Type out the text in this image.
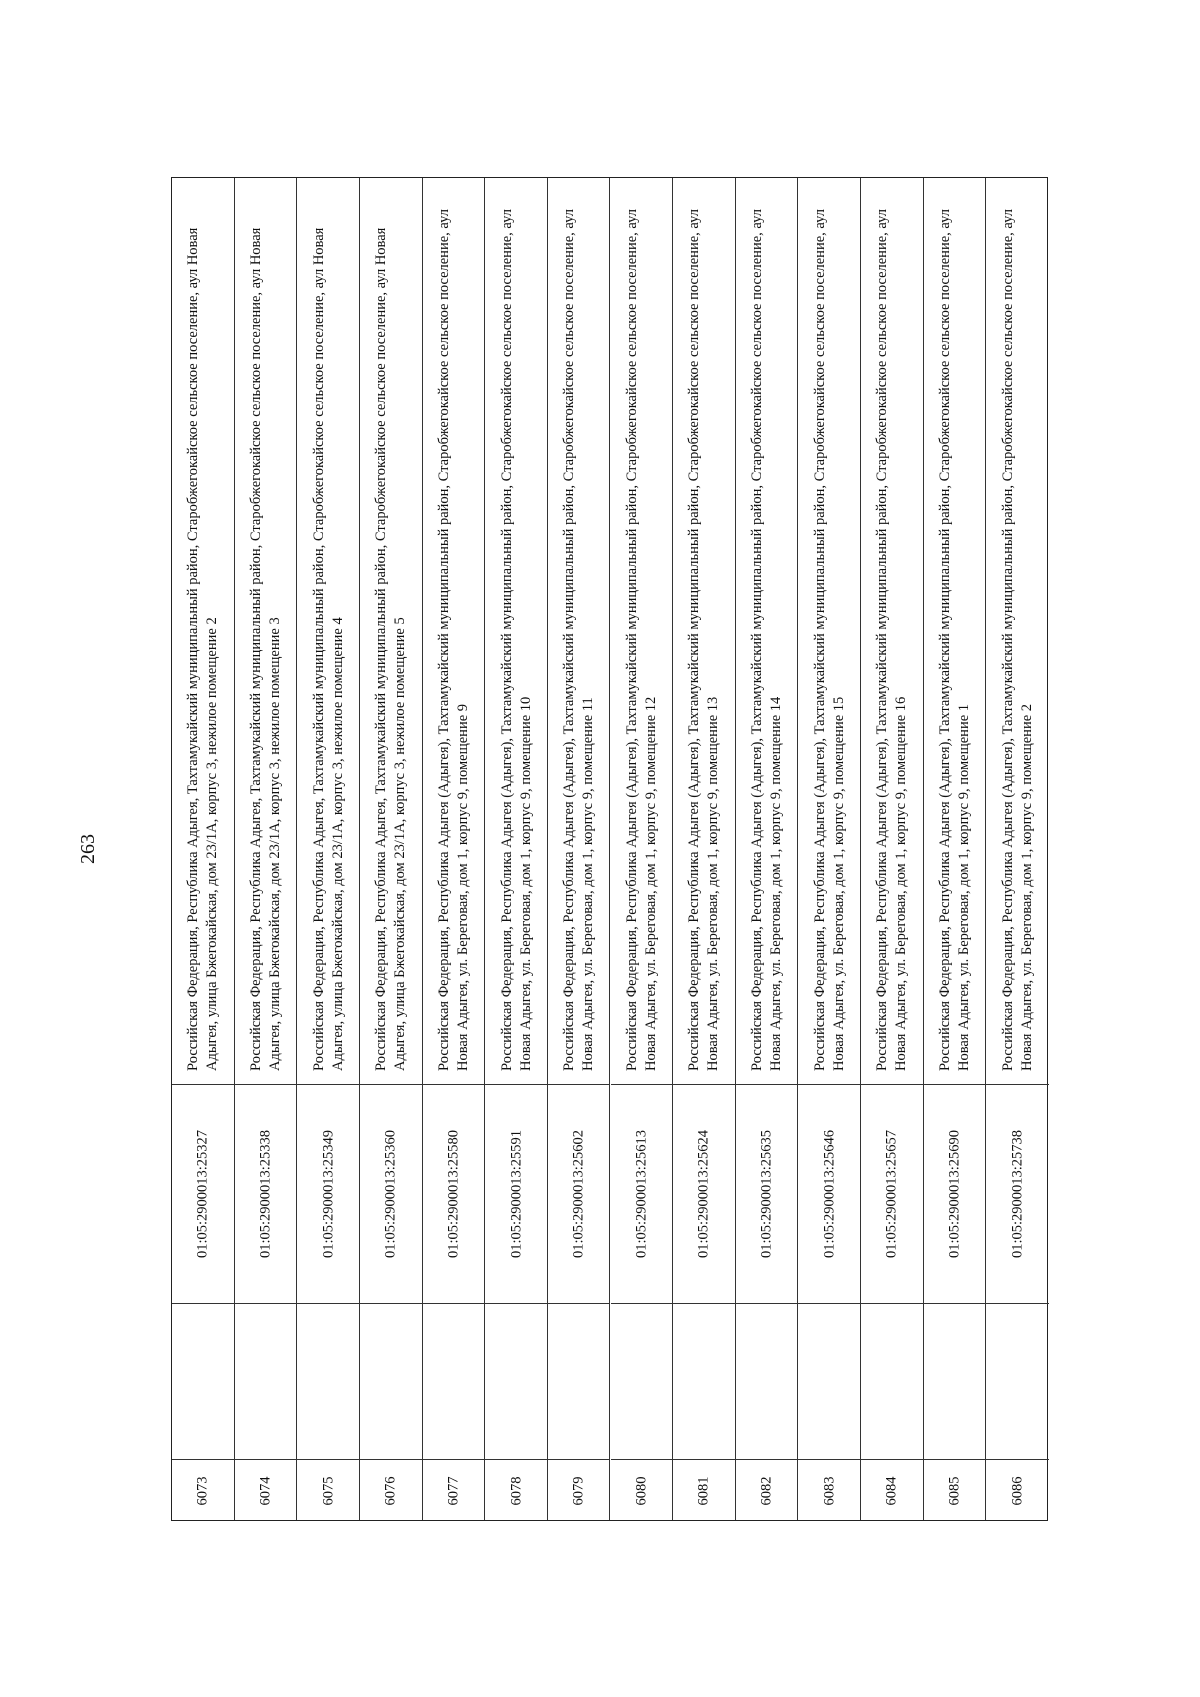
263	Российская Федерация, Республика Адыгея, Тахтамукайский муниципальный район, Старобжегокайское сельское поселение, аул Новая Адыгея, улица Бжегокайская, дом 23/1А, корпус 3, нежилое помещение 2
01:05:2900013:25327
6073
Российская Федерация, Республика Адыгея, Тахтамукайский муниципальный район, Старобжегокайское сельское поселение, аул Новая Адыгея, улица Бжегокайская, дом 23/1А, корпус 3, нежилое помещение 3
01:05:2900013:25338
6074
Российская Федерация, Республика Адыгея, Тахтамукайский муниципальный район, Старобжегокайское сельское поселение, аул Новая Адыгея, улица Бжегокайская, дом 23/1А, корпус 3, нежилое помещение 4
01:05:2900013:25349
6075
Российская Федерация, Республика Адыгея, Тахтамукайский муниципальный район, Старобжегокайское сельское поселение, аул Новая Адыгея, улица Бжегокайская, дом 23/1А, корпус 3, нежилое помещение 5
01:05:2900013:25360
6076
Российская Федерация, Республика Адыгея (Адыгея), Тахтамукайский муниципальный район, Старобжегокайское сельское поселение, аул Новая Адыгея, ул. Береговая, дом 1, корпус 9, помещение 9
01:05:2900013:25580
6077
Российская Федерация, Республика Адыгея (Адыгея), Тахтамукайский муниципальный район, Старобжегокайское сельское поселение, аул Новая Адыгея, ул. Береговая, дом 1, корпус 9, помещение 10
01:05:2900013:25591
6078
Российская Федерация, Республика Адыгея (Адыгея), Тахтамукайский муниципальный район, Старобжегокайское сельское поселение, аул Новая Адыгея, ул. Береговая, дом 1, корпус 9, помещение 11
01:05:2900013:25602
6079
Российская Федерация, Республика Адыгея (Адыгея), Тахтамукайский муниципальный район, Старобжегокайское сельское поселение, аул Новая Адыгея, ул. Береговая, дом 1, корпус 9, помещение 12
01:05:2900013:25613
6080
Российская Федерация, Республика Адыгея (Адыгея), Тахтамукайский муниципальный район, Старобжегокайское сельское поселение, аул Новая Адыгея, ул. Береговая, дом 1, корпус 9, помещение 13
01:05:2900013:25624
6081
Российская Федерация, Республика Адыгея (Адыгея), Тахтамукайский муниципальный район, Старобжегокайское сельское поселение, аул Новая Адыгея, ул. Береговая, дом 1, корпус 9, помещение 14
01:05:2900013:25635
6082
Российская Федерация, Республика Адыгея (Адыгея), Тахтамукайский муниципальный район, Старобжегокайское сельское поселение, аул Новая Адыгея, ул. Береговая, дом 1, корпус 9, помещение 15
01:05:2900013:25646
6083
Российская Федерация, Республика Адыгея (Адыгея), Тахтамукайский муниципальный район, Старобжегокайское сельское поселение, аул Новая Адыгея, ул. Береговая, дом 1, корпус 9, помещение 16
01:05:2900013:25657
6084
Российская Федерация, Республика Адыгея (Адыгея), Тахтамукайский муниципальный район, Старобжегокайское сельское поселение, аул Новая Адыгея, ул. Береговая, дом 1, корпус 9, помещение 1
01:05:2900013:25690
6085
Российская Федерация, Республика Адыгея (Адыгея), Тахтамукайский муниципальный район, Старобжегокайское сельское поселение, аул Новая Адыгея, ул. Береговая, дом 1, корпус 9, помещение 2
01:05:2900013:25738
6086
